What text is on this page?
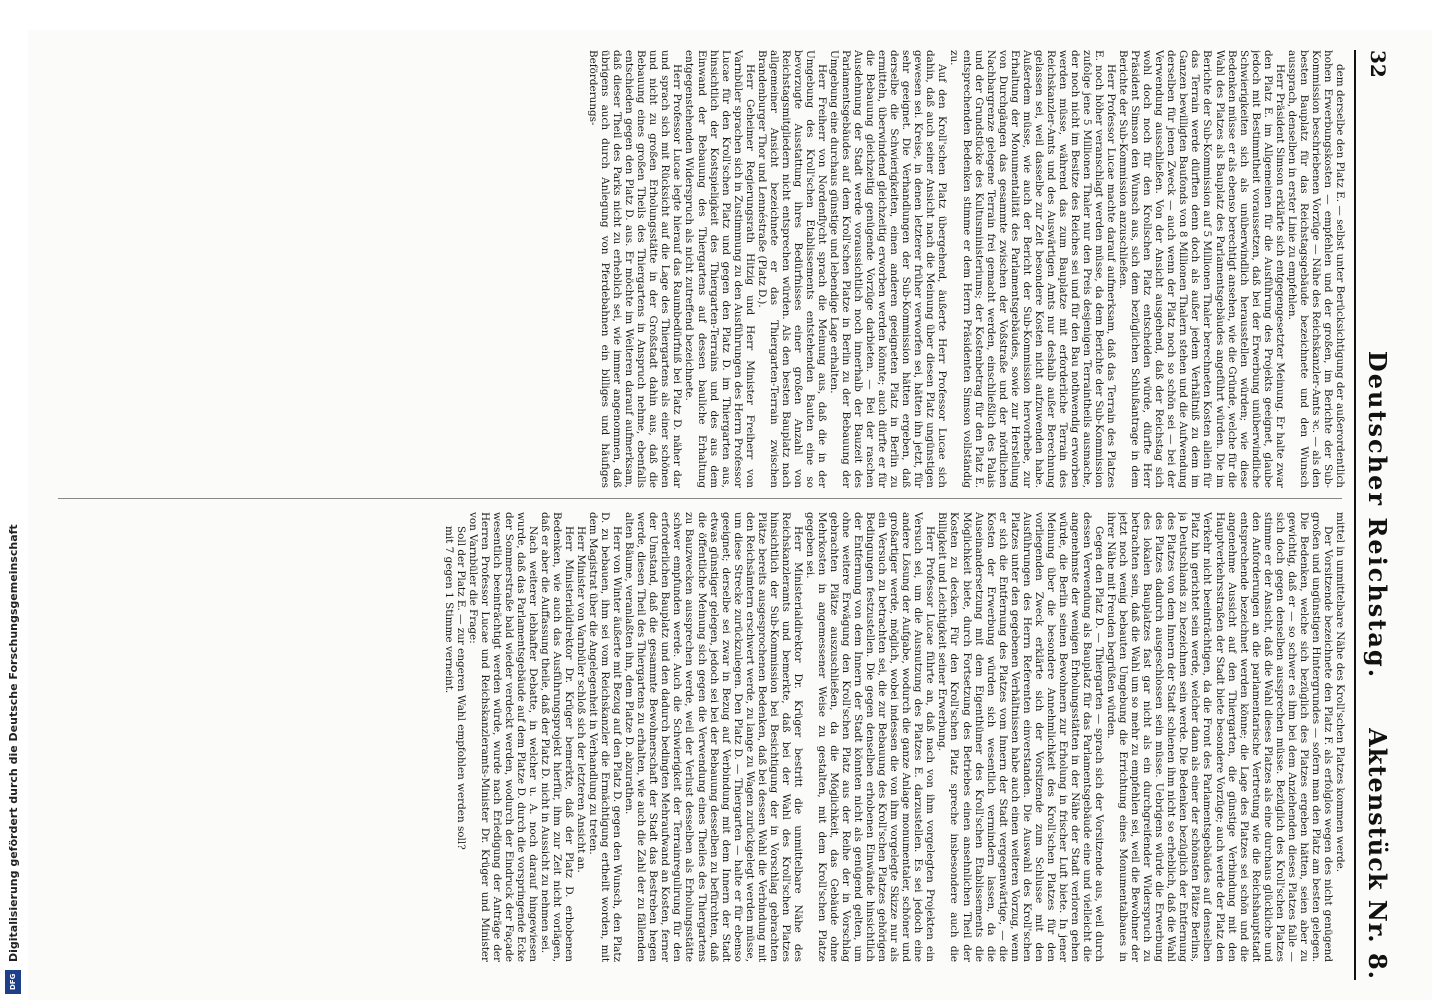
Digitalisierung gefördert durch die Deutsche Forschungsgemeinschaft
DFG
32
Deutscher Reichstag.
Aktenstück Nr. 8.

dem derselbe den Platz E. — selbst unter Berücksichtigung der außerordentlich hohen Erwerbungskosten — empfehlen und der großen, im Berichte der Sub-Kommission beschriebenen Vorzüge — Nähe des Reichskanzler-Amts ꝛc. — als den besten Bauplatz für das Reichstagsgebäude bezeichnete und den Wunsch aussprach, denselben in erster Linie zu empfehlen.

Herr Präsident Simson erklärte sich entgegengesetzter Meinung. Er halte zwar den Platz E. im Allgemeinen für die Ausführung des Projekts geeignet, glaube jedoch mit Bestimmtheit voraussetzen, daß bei der Erwerbung unüberwindliche Schwierigkeiten sich als unüberwindlich herausstellen würden; wie diese Bedenken müsse er als ebenso berechtigt ansehen, wie die Gründe, welche für die Wahl des Platzes als Bauplatz des Parlamentsgebäudes angeführt würden. Die im Berichte der Sub-Kommission auf 5 Millionen Thaler berechneten Kosten allein für das Terrain werde dürften denn doch als außer jedem Verhältniß zu dem im Ganzen bewilligten Baufonds von 8 Millionen Thalern stehen und die Aufwendung derselben für jenen Zweck — auch wenn der Platz noch so schön sei — bei der Verwendung ausschließen. Von der Ansicht ausgehend, daß der Reichstag sich wohl doch noch für den Krollschen Platz entscheiden würde, dürfte Herr Präsident Simson den Wunsch aus, sich dem bezüglichen Schlußantrage in dem Berichte der Sub-Kommission anzuschließen.

Herr Professor Lucae machte darauf aufmerksam, daß das Terrain des Platzes E. noch höher veranschlagt werden müsse, da dem Berichte der Sub-Kommission zufolge jene 5 Millionen Thaler nur den Preis desjenigen Terraintheils ausmache, der noch nicht im Besitze des Reiches sei und für den Bau nothwendig erworben werden müsse, während das zum Bauplatze mit erforderliche Terrain des Reichskanzler-Amts und des Auswärtigen Amts nur deshalb außer Berechnung gelassen sei, weil dasselbe zur Zeit besondere Kosten nicht aufzuwenden habe. Außerdem müsse, wie auch der Bericht der Sub-Kommission hervorhebe, zur Erhaltung der Monumentalität des Parlamentsgebäudes, sowie zur Herstellung von Durchgängen das gesammte zwischen der Voßstraße und der nördlichen Nachbargrenze gelegene Terrain frei gemacht werden, einschließlich des Palais und der Grundstücke des Kultusministeriums; der Kostenbetrag für den Platz E. entsprechenden Bedenken stimme er dem Herrn Präsidenten Simson vollständig zu.

Auf den Kroll'schen Platz übergehend, äußerte Herr Professor Lucae sich dahin, daß auch seiner Ansicht nach die Meinung über diesen Platz ungünstigen gewesen sei. Kreise, in denen letzterer früher verworfen sei, hätten ihn jetzt, für sehr geeignet. Die Verhandlungen der Sub-Kommission hätten ergeben, daß derselbe die Schwierigkeiten, einen anderen geeigneten Platz in Berlin zu ermitteln, überwindend gleichzeitig erworben werden könnte; auch dürfte er für die Bebauung gleichzeitig genügende Vorzüge darbieten. — Bei der raschen Ausdehnung der Stadt werde voraussichtlich noch innerhalb der Bauzeit des Parlamentsgebäudes auf dem Kroll'schen Platze in Berlin zu der Bebauung der Umgebung eine durchaus günstige und lebendige Lage erhalten.

Herr Freiherr von Nordenflycht sprach die Meinung aus, daß die in der Umgebung des Kroll'schen Etablissements entstehenden Bauten eine so bevorzugte Ausstattung ihres Bedürfnisses einer großen Anzahl von Reichstagsmitgliedern nicht entsprechen würden. Als den besten Bauplatz nach allgemeiner Ansicht bezeichnete er das Thiergarten-Terrain zwischen Brandenburger Thor und Lennéstraße (Platz D.).

Herr Geheimer Regierungsrath Hitzig und Herr Minister Freiherr von Varnbüler sprachen sich in Zustimmung zu den Ausführungen des Herrn Professor Lucae für den Kroll'schen Platz und gegen den Platz D. im Thiergarten aus, hinsichtlich der Kostspieligkeit des Thiergarten-Terrains und des aus dem Einwand der Bebauung des Thiergartens auf dessen bauliche Erhaltung entgegenstehenden Widerspruch als nicht zutreffend bezeichnete.

Herr Professor Lucae legte hierauf das Raumbedürfniß bei Platz D. näher dar und sprach sich mit Rücksicht auf die Lage des Thiergartens als einer schönen und nicht zu großen Erholungsstätte in der Großstadt dahin aus, daß die Bebauung eines großen Theils des Thiergartens in Anspruch nehme, ebenfalls entschieden gegen den Platz D. aus. Er möchte im Weiteren darauf aufmerksam, daß dieser Theil des Parks nicht zu erheblich sei, wie immer angenommen, daß übrigens auch durch Anlegung von Pferdebahnen ein billiges und häufiges Beförderungs-

mittel in unmittelbare Nähe des Kroll'schen Platzes kommen werde.

Der Vorsitzende bezeichnete den Platz F. als erfolglos wegen des nicht genügend großen und ungünstigen Hintergrundes — sofern man den Platz am besten gelegen. Die Bedenken, welche sich bezüglich des Platzes ergeben hätten, seien aber zu gewichtig, daß er — so schwer es ihm bei dem Anziehenden dieses Platzes falle — sich doch gegen denselben aussprechen müsse. Bezüglich des Kroll'schen Platzes stimme er der Ansicht, daß die Wahl dieses Platzes als eine durchaus glückliche und den Anforderungen an die parlamentarische Vertretung wie die Reichshauptstadt entsprechende bezeichnet werden könne; die Lage des Platzes sei schön und die angenehme Aussicht auf den Thiergarten, die günstige Verbindung mit den Hauptverkehrsstraßen der Stadt biete besondere Vorzüge; auch werde der Platz den Verkehr nicht beeinträchtigen, da die Front des Parlamentsgebäudes auf denselben Platz hin gerichtet sein werde, welcher dann als einer der schönsten Plätze Berlins, ja Deutschlands zu bezeichnen sein werde. Die Bedenken bezüglich der Entfernung des Platzes von dem Innern der Stadt schienen ihm nicht so erheblich, daß die Wahl des Platzes dadurch ausgeschlossen sein müsse. Uebrigens würde die Erwerbung des lokalen Bauplatzes fast gar nicht als ein durchgreifender Widerspruch zu betrachten sein, daß die Wahl um so mehr zu empfehlen sei, weil die Bewohner der jetzt noch wenig bebauten Umgebung die Errichtung eines Monumentalbaues in ihrer Nähe mit Freuden begrüßen würden.

Gegen den Platz D. — Thiergarten — sprach sich der Vorsitzende aus, weil durch dessen Verwendung als Bauplatz für das Parlamentsgebäude eine und vielleicht die angenehmste der wenigen Erholungsstätten in der Nähe der Stadt verloren gehen würde, die Berlin seinen Bewohnern zur Erholung in frischer Luft biete. In jener Meinung über die besondere Annehmlichkeit des Kroll'schen Platzes für den vorliegenden Zweck erklärte sich der Vorsitzende zum Schlusse mit den Ausführungen des Herrn Referenten einverstanden. Die Auswahl des Kroll'schen Platzes unter den gegebenen Verhältnissen habe auch einen weiteren Vorzug, wenn er sich die Entfernung des Platzes vom Innern der Stadt vergegenwärtige, — die Kosten der Erwerbung würden sich wesentlich vermindern lassen, da die Auseinandersetzung mit dem Eigenthümer des Kroll'schen Etablissements die Möglichkeit biete, durch Fortsetzung des Betriebes einen ansehnlichen Theil der Kosten zu decken. Für den Kroll'schen Platz spreche insbesondere auch die Billigkeit und Leichtigkeit seiner Erwerbung.

Herr Professor Lucae führte an, daß nach von ihm vorgelegten Projekten ein Versuch sei, um die Ausnutzung des Platzes E. darzustellen. Es sei jedoch eine andere Lösung der Aufgabe, wodurch die ganze Anlage monumentaler, schöner und großartiger werde, möglich, wobei indessen die von ihm vorgelegte Skizze nur als ein Versuch zu betrachten sei, die zur Bebauung des Kroll'schen Platzes gehörigen Bedingungen festzustellen. Die gegen denselben erhobenen Einwände hinsichtlich der Entfernung von dem Innern der Stadt könnten nicht als genügend gelten, um ohne weitere Erwägung den Kroll'schen Platz aus der Reihe der in Vorschlag gebrachten Plätze auszuschließen, da die Möglichkeit, das Gebäude ohne Mehrkosten in angemessener Weise zu gestalten, mit dem Kroll'schen Platze gegeben sei.

Herr Ministerialdirektor Dr. Krüger bestritt die unmittelbare Nähe des Reichskanzleramts und bemerkte, daß bei der Wahl des Kroll'schen Platzes hinsichtlich der Sub-Kommission bei Besichtigung der in Vorschlag gebrachten Plätze bereits ausgesprochenen Bedenken, daß bei dessen Wahl die Verbindung mit den Reichsämtern erschwert werde, zu lange zu Wagen zurückgelegt werden müsse, um diese Strecke zurückzulegen. Den Platz D. — Thiergarten — halte er für ebenso geeignet; derselbe sei zwar in Bezug auf Verbindung mit dem Innern der Stadt etwas günstiger gelegen, jedoch sei bei der Bebauung desselben zu befürchten, daß die öffentliche Meinung sich gegen die Verwendung eines Theiles des Thiergartens zu Bauzwecken aussprechen werde, weil der Verlust desselben als Erholungsstätte schwer empfunden werde. Auch die Schwierigkeit der Terrainregulirung für den erforderlichen Bauplatz und den dadurch bedingten Mehraufwand an Kosten, ferner der Umstand, daß die gesammte Bewohnerschaft der Stadt das Bestreben hegen werde, diesen Theil des Thiergartens zu erhalten, wie auch die Zahl der zu fällenden alten Bäume, veranlaßten ihn, dem Platze D. abzurathen.

Herr von Winter äußerte mit Bezug auf den Platz D. gegen den Wunsch, den Platz D. zu bebauen, ihm sei vom Reichskanzler die Ermächtigung ertheilt worden, mit dem Magistrat über die Angelegenheit in Verhandlung zu treten.

Herr Minister von Varnbüler schloß sich der letzteren Ansicht an.

Herr Ministerialdirektor Dr. Krüger bemerkte, daß der Platz D. erhobenen Bedenken, wie auch das Ausführungsprojekt hierfür, ihm zur Zeit nicht vorlägen, daß er aber die Auffassung theile, daß der Platz D. nicht in Aussicht zu nehmen sei.

Nach weiterer lebhafter Debatte, in welcher u. A. noch darauf hingewiesen wurde, daß das Parlamentsgebäude auf dem Platze D. durch die vorspringende Ecke der Sommerstraße bald wieder verdeckt werden, wodurch der Eindruck der Façade wesentlich beeinträchtigt werden würde, wurde nach Erledigung der Anträge der Herren Professor Lucae und Reichskanzleramts-Minister Dr. Krüger und Minister von Varnbüler die Frage:

Soll der Platz E. — zur engeren Wahl empfohlen werden soll?

mit 7 gegen 1 Stimme verneint.
